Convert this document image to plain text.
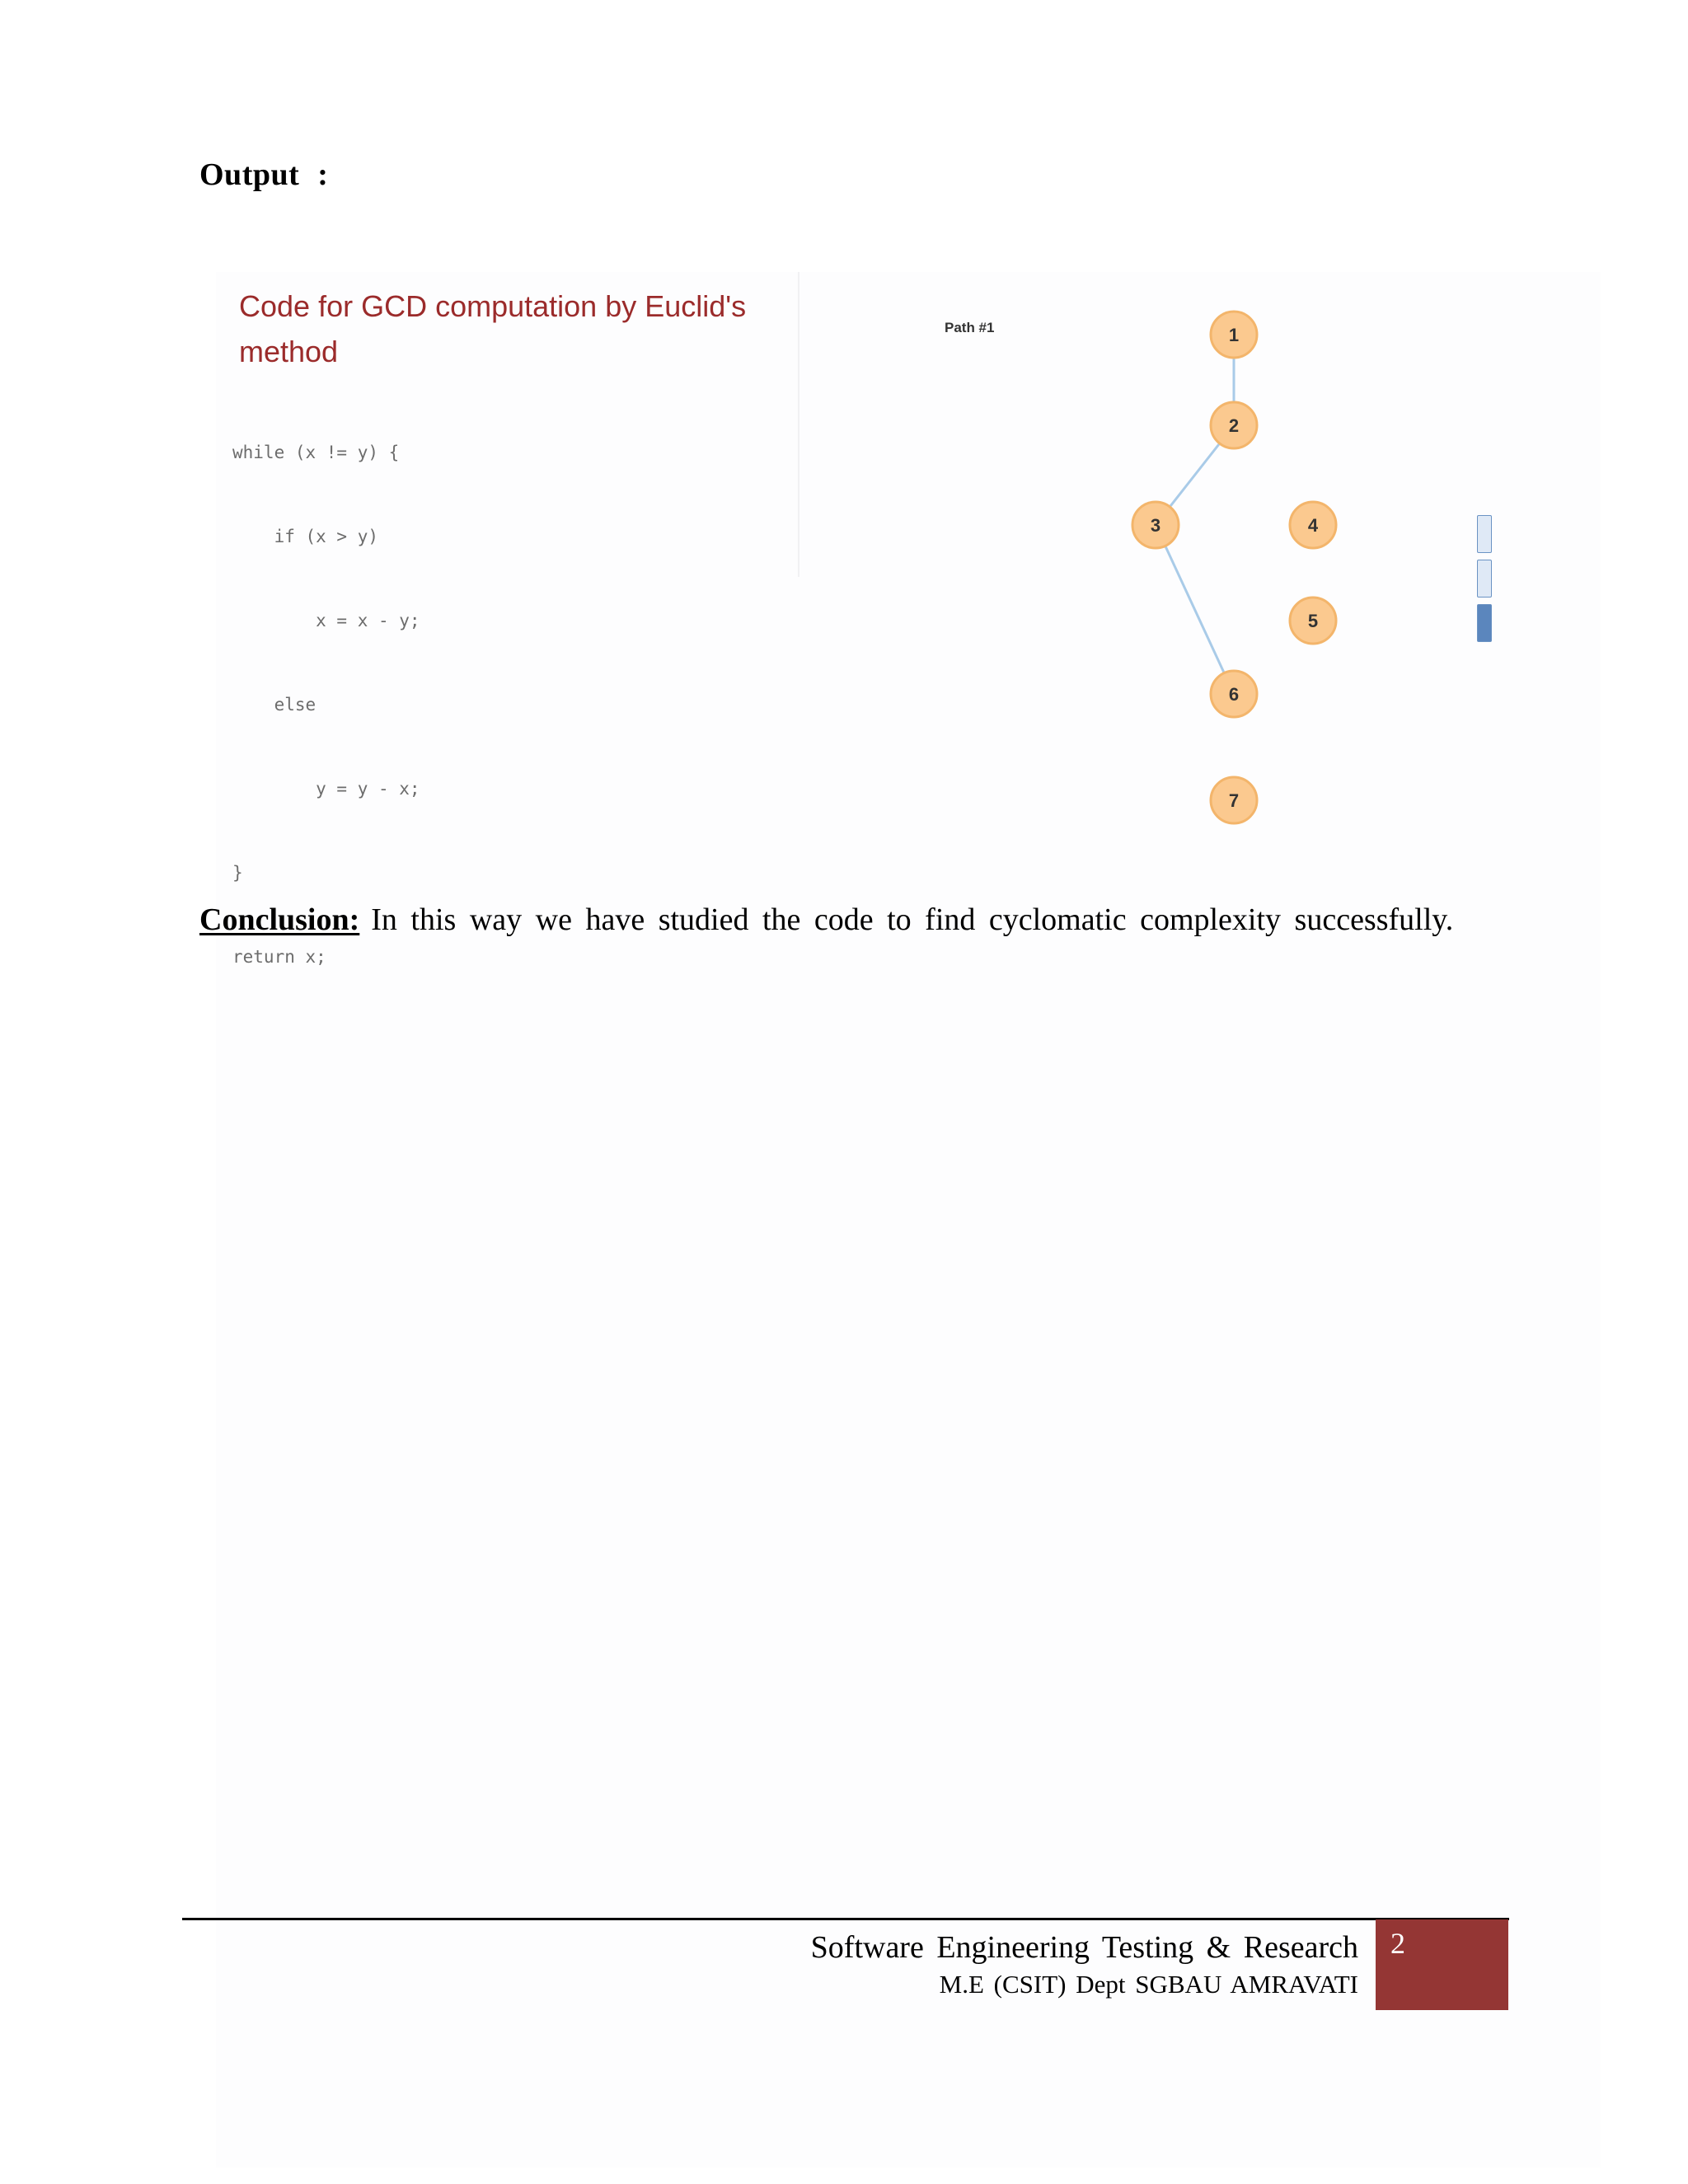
Output :
Code for GCD computation by Euclid's method

while (x != y) {

if (x > y)

x = x - y;

else

y = y - x;

}

return x;

Path #1	1
2
3	4
5
6
7
Conclusion: In this way we have studied the code to find cyclomatic complexity successfully.
Software Engineering Testing & Research
M.E (CSIT) Dept SGBAU AMRAVATI
2
